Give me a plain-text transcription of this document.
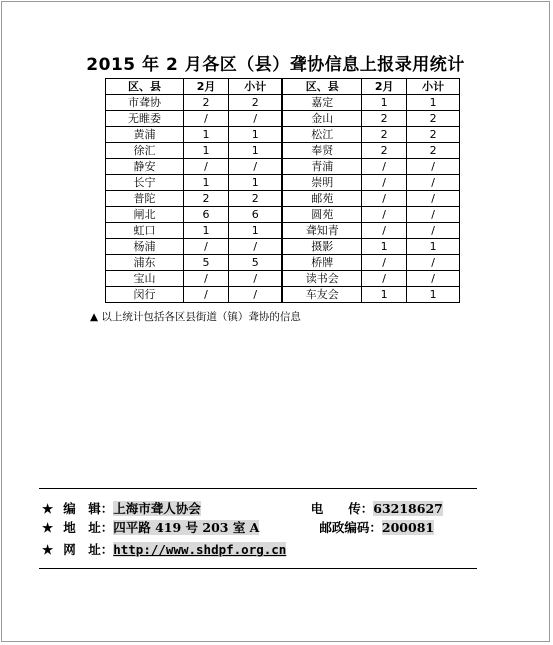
2015 年 2 月各区（县）聋协信息上报录用统计
区、县	2月	小计	区、县	2月	小计
市聋协	2	2	嘉定	1	1
无睢委	/	/	金山	2	2
黄浦	1	1	松江	2	2
徐汇	1	1	奉贤	2	2
静安	/	/	青浦	/	/
长宁	1	1	崇明	/	/
普陀	2	2	邮苑	/	/
闸北	6	6	圆苑	/	/
虹口	1	1	聋知青	/	/
杨浦	/	/	摄影	1	1
浦东	5	5	桥牌	/	/
宝山	/	/	读书会	/	/
闵行	/	/	车友会	1	1
▲ 以上统计包括各区县街道（镇）聋协的信息
★ 编　辑：上海市聋人协会	电　　传：63218627
★ 地　址：四平路 419 号 203 室 A	邮政编码：200081
★ 网　址：http://www.shdpf.org.cn
